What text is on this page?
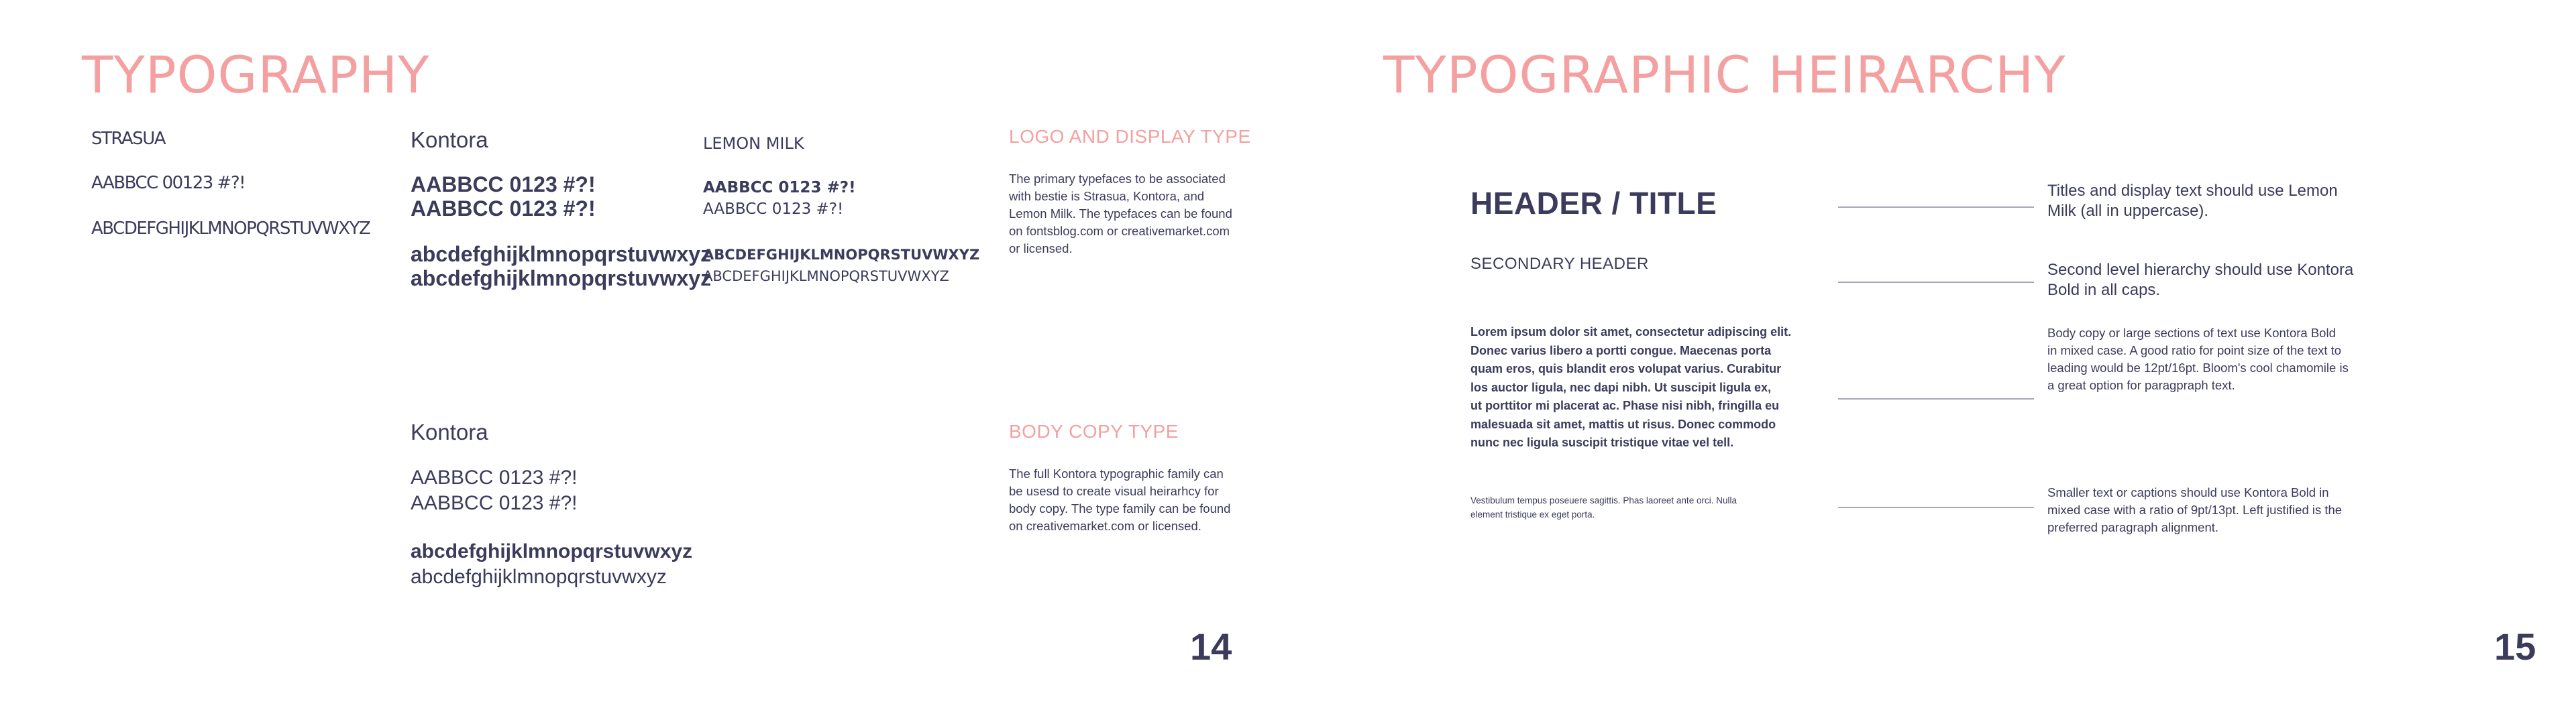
TYPOGRAPHY
STRASUA
AABBCC 00123 #?!
ABCDEFGHIJKLMNOPQRSTUVWXYZ
Kontora
AABBCC 0123 #?!
AABBCC 0123 #?!
abcdefghijklmnopqrstuvwxyz
abcdefghijklmnopqrstuvwxyz
LEMON MILK
AABBCC 0123 #?!
AABBCC 0123 #?!
ABCDEFGHIJKLMNOPQRSTUVWXYZ
ABCDEFGHIJKLMNOPQRSTUVWXYZ
LOGO AND DISPLAY TYPE
The primary typefaces to be associated
with bestie is Strasua, Kontora, and
Lemon Milk. The typefaces can be found
on fontsblog.com or creativemarket.com
or licensed.
Kontora
AABBCC 0123 #?!
AABBCC 0123 #?!
abcdefghijklmnopqrstuvwxyz
abcdefghijklmnopqrstuvwxyz
BODY COPY TYPE
The full Kontora typographic family can
be usesd to create visual heirarhcy for
body copy. The type family can be found
on creativemarket.com or licensed.
14
TYPOGRAPHIC HEIRARCHY
HEADER / TITLE
SECONDARY HEADER
Lorem ipsum dolor sit amet, consectetur adipiscing elit.
Donec varius libero a portti congue. Maecenas porta
quam eros, quis blandit eros volupat varius. Curabitur
los auctor ligula, nec dapi nibh. Ut suscipit ligula ex,
ut porttitor mi placerat ac. Phase nisi nibh, fringilla eu
malesuada sit amet, mattis ut risus. Donec commodo
nunc nec ligula suscipit tristique vitae vel tell.
Vestibulum tempus poseuere sagittis. Phas laoreet ante orci. Nulla
element tristique ex eget porta.
Titles and display text should use Lemon
Milk (all in uppercase).
Second level hierarchy should use Kontora
Bold in all caps.
Body copy or large sections of text use Kontora Bold
in mixed case. A good ratio for point size of the text to
leading would be 12pt/16pt. Bloom's cool chamomile is
a great option for paragpraph text.
Smaller text or captions should use Kontora Bold in
mixed case with a ratio of 9pt/13pt. Left justified is the
preferred paragraph alignment.
15
